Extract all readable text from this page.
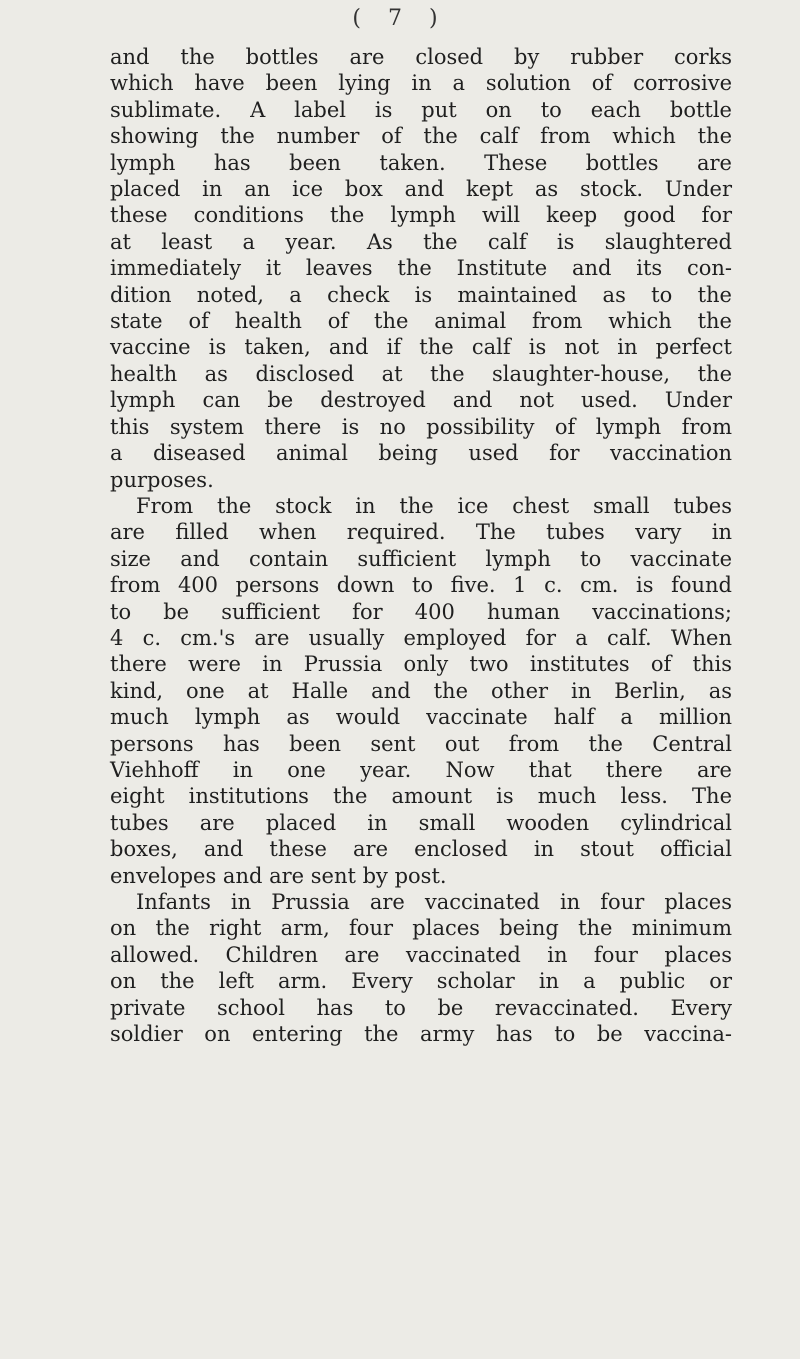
( 7 )

and the bottles are closed by rubber corks
which have been lying in a solution of corrosive
sublimate. A label is put on to each bottle
showing the number of the calf from which the
lymph has been taken. These bottles are
placed in an ice box and kept as stock. Under
these conditions the lymph will keep good for
at least a year. As the calf is slaughtered
immediately it leaves the Institute and its con-
dition noted, a check is maintained as to the
state of health of the animal from which the
vaccine is taken, and if the calf is not in perfect
health as disclosed at the slaughter-house, the
lymph can be destroyed and not used. Under
this system there is no possibility of lymph from
a diseased animal being used for vaccination
purposes.

From the stock in the ice chest small tubes
are filled when required. The tubes vary in
size and contain sufficient lymph to vaccinate
from 400 persons down to five. 1 c. cm. is found
to be sufficient for 400 human vaccinations;
4 c. cm.'s are usually employed for a calf. When
there were in Prussia only two institutes of this
kind, one at Halle and the other in Berlin, as
much lymph as would vaccinate half a million
persons has been sent out from the Central
Viehhoff in one year. Now that there are
eight institutions the amount is much less. The
tubes are placed in small wooden cylindrical
boxes, and these are enclosed in stout official
envelopes and are sent by post.

Infants in Prussia are vaccinated in four places
on the right arm, four places being the minimum
allowed. Children are vaccinated in four places
on the left arm. Every scholar in a public or
private school has to be revaccinated. Every
soldier on entering the army has to be vaccina-
